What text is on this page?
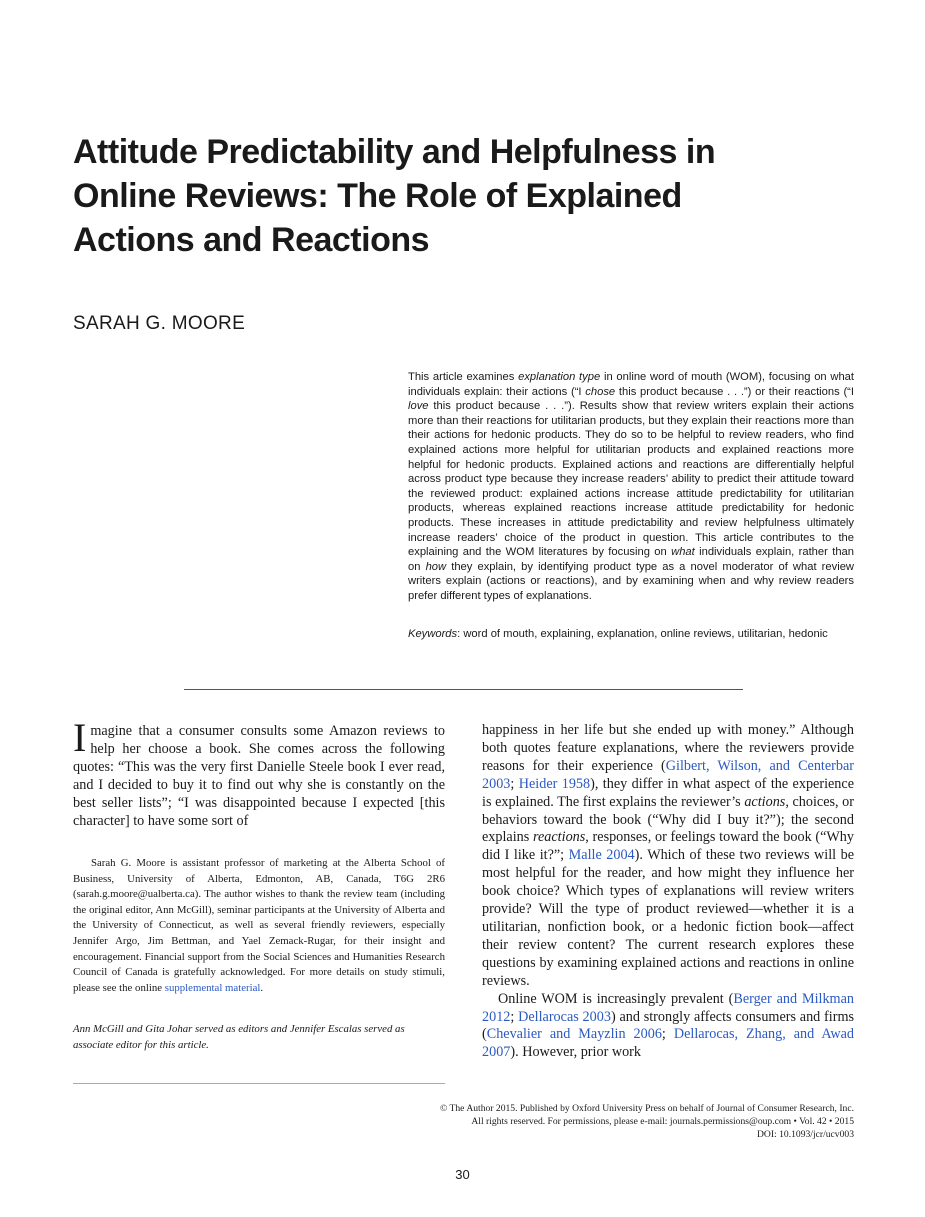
Attitude Predictability and Helpfulness in
Online Reviews: The Role of Explained
Actions and Reactions
SARAH G. MOORE
This article examines explanation type in online word of mouth (WOM), focusing on what individuals explain: their actions (“I chose this product because . . .”) or their reactions (“I love this product because . . .”). Results show that review writers explain their actions more than their reactions for utilitarian products, but they explain their reactions more than their actions for hedonic products. They do so to be helpful to review readers, who find explained actions more helpful for utilitarian products and explained reactions more helpful for hedonic products. Explained actions and reactions are differentially helpful across product type because they increase readers’ ability to predict their attitude toward the reviewed product: explained actions increase attitude predictability for utilitarian products, whereas explained reactions increase attitude predictability for hedonic products. These increases in attitude predictability and review helpfulness ultimately increase readers’ choice of the product in question. This article contributes to the explaining and the WOM literatures by focusing on what individuals explain, rather than on how they explain, by identifying product type as a novel moderator of what review writers explain (actions or reactions), and by examining when and why review readers prefer different types of explanations.
Keywords: word of mouth, explaining, explanation, online reviews, utilitarian, hedonic

Imagine that a consumer consults some Amazon reviews to help her choose a book. She comes across the following quotes: “This was the very first Danielle Steele book I ever read, and I decided to buy it to find out why she is constantly on the best seller lists”; “I was disappointed because I expected [this character] to have some sort of

Sarah G. Moore is assistant professor of marketing at the Alberta School of Business, University of Alberta, Edmonton, AB, Canada, T6G 2R6 (sarah.g.moore@ualberta.ca). The author wishes to thank the review team (including the original editor, Ann McGill), seminar participants at the University of Alberta and the University of Connecticut, as well as several friendly reviewers, especially Jennifer Argo, Jim Bettman, and Yael Zemack-Rugar, for their insight and encouragement. Financial support from the Social Sciences and Humanities Research Council of Canada is gratefully acknowledged. For more details on study stimuli, please see the online supplemental material.

Ann McGill and Gita Johar served as editors and Jennifer Escalas served as associate editor for this article.

happiness in her life but she ended up with money.” Although both quotes feature explanations, where the reviewers provide reasons for their experience (Gilbert, Wilson, and Centerbar 2003; Heider 1958), they differ in what aspect of the experience is explained. The first explains the reviewer’s actions, choices, or behaviors toward the book (“Why did I buy it?”); the second explains reactions, responses, or feelings toward the book (“Why did I like it?”; Malle 2004). Which of these two reviews will be most helpful for the reader, and how might they influence her book choice? Which types of explanations will review writers provide? Will the type of product reviewed—whether it is a utilitarian, nonfiction book, or a hedonic fiction book—affect their review content? The current research explores these questions by examining explained actions and reactions in online reviews.

Online WOM is increasingly prevalent (Berger and Milkman 2012; Dellarocas 2003) and strongly affects consumers and firms (Chevalier and Mayzlin 2006; Dellarocas, Zhang, and Awad 2007). However, prior work

© The Author 2015. Published by Oxford University Press on behalf of Journal of Consumer Research, Inc.
All rights reserved. For permissions, please e-mail: journals.permissions@oup.com • Vol. 42 • 2015
DOI: 10.1093/jcr/ucv003
30
